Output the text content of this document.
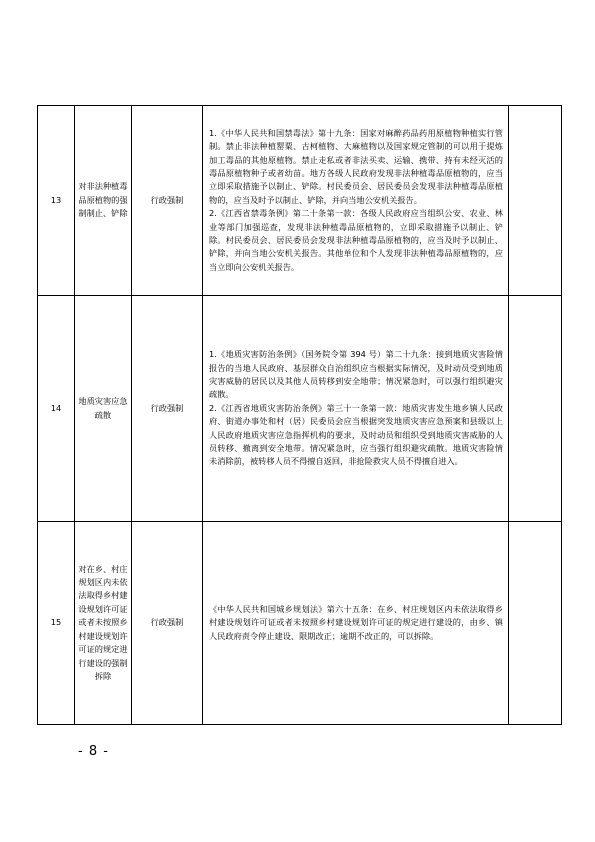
13	对非法种植毒品原植物的强制制止、铲除	行政强制	1.《中华人民共和国禁毒法》第十九条：国家对麻醉药品药用原植物种植实行管制。禁止非法种植罂粟、古柯植物、大麻植物以及国家规定管制的可以用于提炼加工毒品的其他原植物。禁止走私或者非法买卖、运输、携带、持有未经灭活的毒品原植物种子或者幼苗。地方各级人民政府发现非法种植毒品原植物的，应当立即采取措施予以制止、铲除。村民委员会、居民委员会发现非法种植毒品原植物的，应当及时予以制止、铲除，并向当地公安机关报告。

2.《江西省禁毒条例》第二十条第一款：各级人民政府应当组织公安、农业、林业等部门加强巡查，发现非法种植毒品原植物的，立即采取措施予以制止、铲除。村民委员会、居民委员会发现非法种植毒品原植物的，应当及时予以制止、铲除，并向当地公安机关报告。其他单位和个人发现非法种植毒品原植物的，应当立即向公安机关报告。	

14	地质灾害应急疏散	行政强制	1.《地质灾害防治条例》（国务院令第 394 号）第二十九条：接到地质灾害险情报告的当地人民政府、基层群众自治组织应当根据实际情况，及时动员受到地质灾害威胁的居民以及其他人员转移到安全地带；情况紧急时，可以强行组织避灾疏散。

2.《江西省地质灾害防治条例》第三十一条第一款：地质灾害发生地乡镇人民政府、街道办事处和村（居）民委员会应当根据突发地质灾害应急预案和县级以上人民政府地质灾害应急指挥机构的要求，及时动员和组织受到地质灾害威胁的人员转移、撤离到安全地带。情况紧急时，应当强行组织避灾疏散。地质灾害险情未消除前，被转移人员不得擅自返回，非抢险救灾人员不得擅自进入。	

15	对在乡、村庄规划区内未依法取得乡村建设规划许可证或者未按照乡村建设规划许可证的规定进行建设的强制拆除	行政强制	《中华人民共和国城乡规划法》第六十五条：在乡、村庄规划区内未依法取得乡村建设规划许可证或者未按照乡村建设规划许可证的规定进行建设的，由乡、镇人民政府责令停止建设、限期改正；逾期不改正的，可以拆除。	

- 8 -
